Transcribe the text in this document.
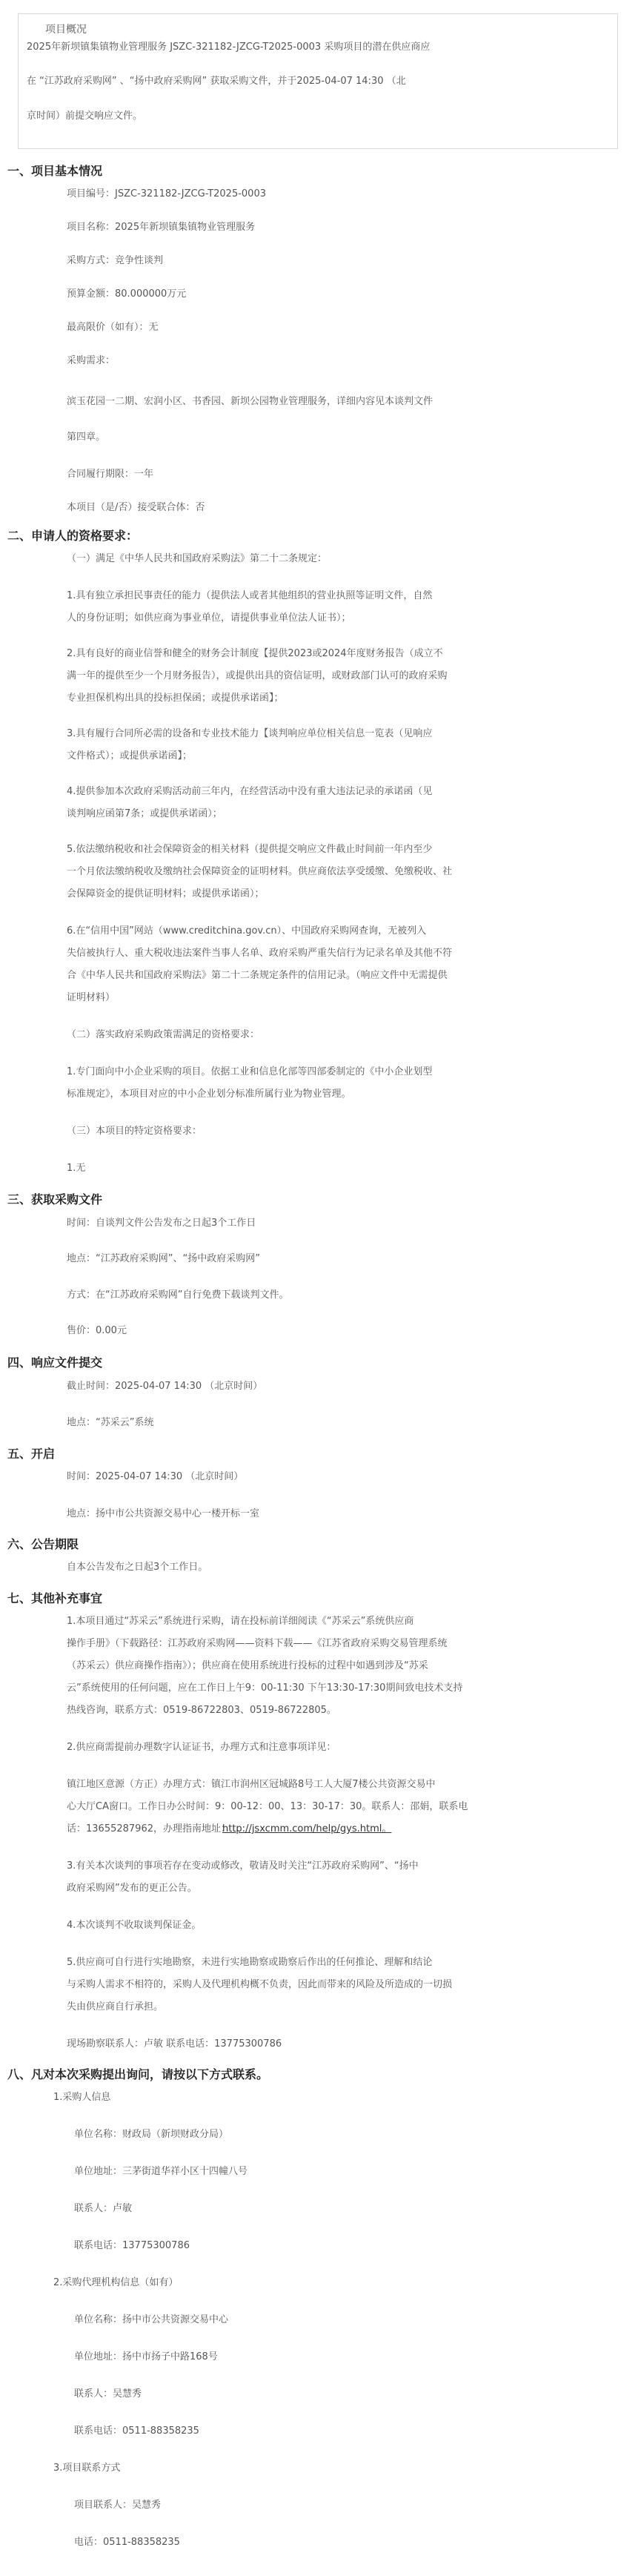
项目概况
2025年新坝镇集镇物业管理服务 JSZC-321182-JZCG-T2025-0003 采购项目的潜在供应商应
在 “江苏政府采购网” 、“扬中政府采购网” 获取采购文件，并于2025-04-07 14:30 （北
京时间）前提交响应文件。
一、项目基本情况
项目编号：JSZC-321182-JZCG-T2025-0003
项目名称：2025年新坝镇集镇物业管理服务
采购方式：竞争性谈判
预算金额：80.000000万元
最高限价（如有）：无
采购需求：
滨玉花园一二期、宏润小区、书香园、新坝公园物业管理服务，详细内容见本谈判文件
第四章。
合同履行期限：一年
本项目（是/否）接受联合体：否
二、申请人的资格要求：
（一）满足《中华人民共和国政府采购法》第二十二条规定：
1.具有独立承担民事责任的能力（提供法人或者其他组织的营业执照等证明文件，自然
人的身份证明；如供应商为事业单位，请提供事业单位法人证书）；
2.具有良好的商业信誉和健全的财务会计制度【提供2023或2024年度财务报告（成立不
满一年的提供至少一个月财务报告），或提供出具的资信证明，或财政部门认可的政府采购
专业担保机构出具的投标担保函；或提供承诺函】；
3.具有履行合同所必需的设备和专业技术能力【谈判响应单位相关信息一览表（见响应
文件格式）；或提供承诺函】；
4.提供参加本次政府采购活动前三年内，在经营活动中没有重大违法记录的承诺函（见
谈判响应函第7条；或提供承诺函）；
5.依法缴纳税收和社会保障资金的相关材料（提供提交响应文件截止时间前一年内至少
一个月依法缴纳税收及缴纳社会保障资金的证明材料。供应商依法享受缓缴、免缴税收、社
会保障资金的提供证明材料；或提供承诺函）；
6.在“信用中国”网站（www.creditchina.gov.cn）、中国政府采购网查询，无被列入
失信被执行人、重大税收违法案件当事人名单、政府采购严重失信行为记录名单及其他不符
合《中华人民共和国政府采购法》第二十二条规定条件的信用记录。（响应文件中无需提供
证明材料）
（二）落实政府采购政策需满足的资格要求：
1.专门面向中小企业采购的项目。依据工业和信息化部等四部委制定的《中小企业划型
标准规定》，本项目对应的中小企业划分标准所属行业为物业管理。
（三）本项目的特定资格要求：
1.无
三、获取采购文件
时间：自谈判文件公告发布之日起3个工作日
地点：“江苏政府采购网”、“扬中政府采购网”
方式：在“江苏政府采购网”自行免费下载谈判文件。
售价：0.00元
四、响应文件提交
截止时间：2025-04-07 14:30 （北京时间）
地点：“苏采云”系统
五、开启
时间：2025-04-07 14:30 （北京时间）
地点：扬中市公共资源交易中心一楼开标一室
六、公告期限
自本公告发布之日起3个工作日。
七、其他补充事宜
1.本项目通过“苏采云”系统进行采购，请在投标前详细阅读《“苏采云”系统供应商
操作手册》（下载路径：江苏政府采购网——资料下载——《江苏省政府采购交易管理系统
（苏采云）供应商操作指南》）；供应商在使用系统进行投标的过程中如遇到涉及“苏采
云”系统使用的任何问题，应在工作日上午9：00-11:30 下午13:30-17:30期间致电技术支持
热线咨询，联系方式：0519-86722803、0519-86722805。
2.供应商需提前办理数字认证证书，办理方式和注意事项详见：
镇江地区意源（方正）办理方式：镇江市润州区冠城路8号工人大厦7楼公共资源交易中
心大厅CA窗口。工作日办公时间：9：00-12：00、13：30-17：30。联系人：邵娟，联系电
话：13655287962，办理指南地址：
http://jsxcmm.com/help/gys.html。
3.有关本次谈判的事项若存在变动或修改，敬请及时关注“江苏政府采购网”、“扬中
政府采购网”发布的更正公告。
4.本次谈判不收取谈判保证金。
5.供应商可自行进行实地勘察，未进行实地勘察或勘察后作出的任何推论、理解和结论
与采购人需求不相符的，采购人及代理机构概不负责，因此而带来的风险及所造成的一切损
失由供应商自行承担。
现场勘察联系人：卢敏 联系电话：13775300786
八、凡对本次采购提出询问，请按以下方式联系。
1.采购人信息
单位名称：财政局（新坝财政分局）
单位地址：三茅街道华祥小区十四幢八号
联系人：卢敏
联系电话：13775300786
2.采购代理机构信息（如有）
单位名称：扬中市公共资源交易中心
单位地址：扬中市扬子中路168号
联系人：吴慧秀
联系电话：0511-88358235
3.项目联系方式
项目联系人：吴慧秀
电话：0511-88358235
